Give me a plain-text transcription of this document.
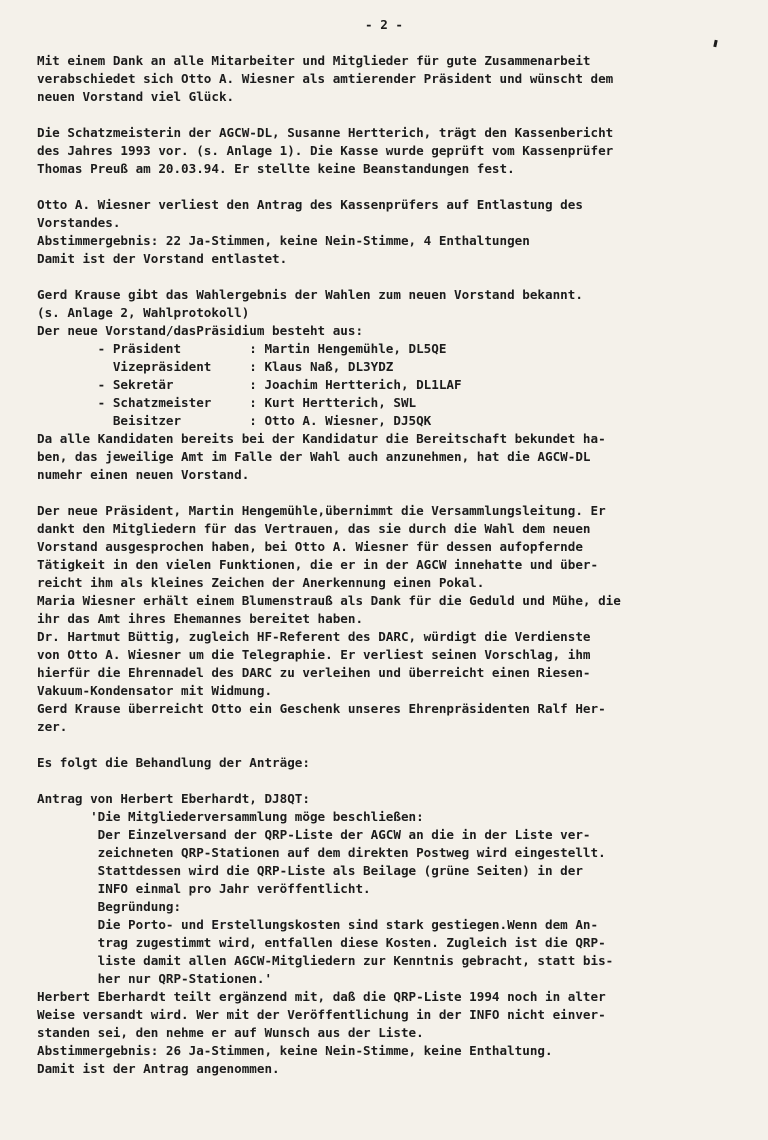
- 2 -
Mit einem Dank an alle Mitarbeiter und Mitglieder für gute Zusammenarbeit
verabschiedet sich Otto A. Wiesner als amtierender Präsident und wünscht dem
neuen Vorstand viel Glück.
Die Schatzmeisterin der AGCW-DL, Susanne Hertterich, trägt den Kassenbericht
des Jahres 1993 vor. (s. Anlage 1). Die Kasse wurde geprüft vom Kassenprüfer
Thomas Preuß am 20.03.94. Er stellte keine Beanstandungen fest.
Otto A. Wiesner verliest den Antrag des Kassenprüfers auf Entlastung des
Vorstandes.
Abstimmergebnis: 22 Ja-Stimmen, keine Nein-Stimme, 4 Enthaltungen
Damit ist der Vorstand entlastet.
Gerd Krause gibt das Wahlergebnis der Wahlen zum neuen Vorstand bekannt.
(s. Anlage 2, Wahlprotokoll)
Der neue Vorstand/dasPräsidium besteht aus:
- Präsident         : Martin Hengemühle, DL5QE
Vizepräsident     : Klaus Naß, DL3YDZ
- Sekretär          : Joachim Hertterich, DL1LAF
- Schatzmeister     : Kurt Hertterich, SWL
Beisitzer         : Otto A. Wiesner, DJ5QK
Da alle Kandidaten bereits bei der Kandidatur die Bereitschaft bekundet ha-
ben, das jeweilige Amt im Falle der Wahl auch anzunehmen, hat die AGCW-DL
numehr einen neuen Vorstand.
Der neue Präsident, Martin Hengemühle,übernimmt die Versammlungsleitung. Er
dankt den Mitgliedern für das Vertrauen, das sie durch die Wahl dem neuen
Vorstand ausgesprochen haben, bei Otto A. Wiesner für dessen aufopfernde
Tätigkeit in den vielen Funktionen, die er in der AGCW innehatte und über-
reicht ihm als kleines Zeichen der Anerkennung einen Pokal.
Maria Wiesner erhält einem Blumenstrauß als Dank für die Geduld und Mühe, die
ihr das Amt ihres Ehemannes bereitet haben.
Dr. Hartmut Büttig, zugleich HF-Referent des DARC, würdigt die Verdienste
von Otto A. Wiesner um die Telegraphie. Er verliest seinen Vorschlag, ihm
hierfür die Ehrennadel des DARC zu verleihen und überreicht einen Riesen-
Vakuum-Kondensator mit Widmung.
Gerd Krause überreicht Otto ein Geschenk unseres Ehrenpräsidenten Ralf Her-
zer.
Es folgt die Behandlung der Anträge:
Antrag von Herbert Eberhardt, DJ8QT:
'Die Mitgliederversammlung möge beschließen:
Der Einzelversand der QRP-Liste der AGCW an die in der Liste ver-
zeichneten QRP-Stationen auf dem direkten Postweg wird eingestellt.
Stattdessen wird die QRP-Liste als Beilage (grüne Seiten) in der
INFO einmal pro Jahr veröffentlicht.
Begründung:
Die Porto- und Erstellungskosten sind stark gestiegen.Wenn dem An-
trag zugestimmt wird, entfallen diese Kosten. Zugleich ist die QRP-
liste damit allen AGCW-Mitgliedern zur Kenntnis gebracht, statt bis-
her nur QRP-Stationen.'
Herbert Eberhardt teilt ergänzend mit, daß die QRP-Liste 1994 noch in alter
Weise versandt wird. Wer mit der Veröffentlichung in der INFO nicht einver-
standen sei, den nehme er auf Wunsch aus der Liste.
Abstimmergebnis: 26 Ja-Stimmen, keine Nein-Stimme, keine Enthaltung.
Damit ist der Antrag angenommen.
